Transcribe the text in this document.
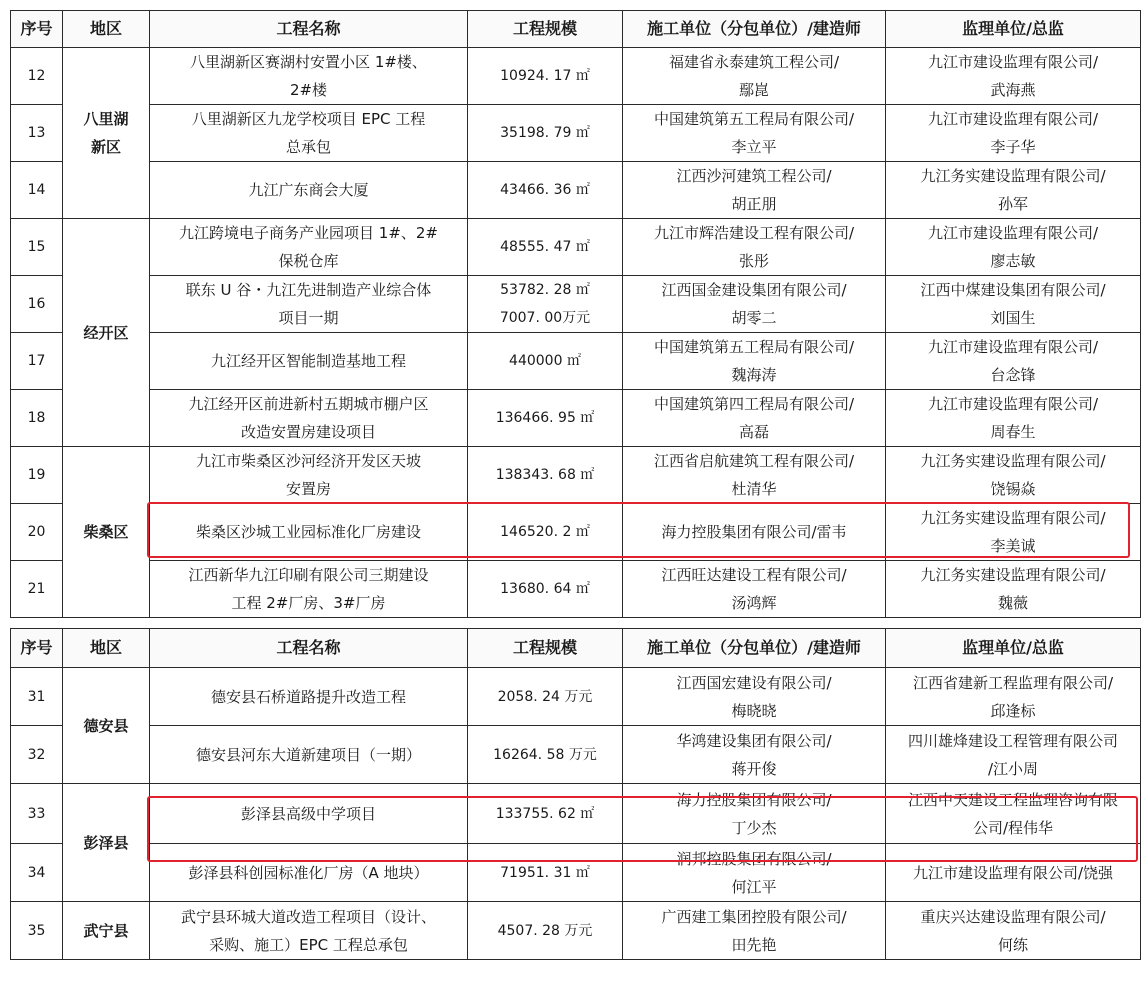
序号	地区	工程名称	工程规模	施工单位（分包单位）/建造师	监理单位/总监
12	八里湖新区	八里湖新区赛湖村安置小区 1#楼、
2#楼	10924. 17 ㎡	福建省永泰建筑工程公司/
鄢崑	九江市建设监理有限公司/
武海燕

13		八里湖新区九龙学校项目 EPC 工程
总承包	35198. 79 ㎡	中国建筑第五工程局有限公司/
李立平	九江市建设监理有限公司/
李子华

14		九江广东商会大厦	43466. 36 ㎡	江西沙河建筑工程公司/
胡正朋	九江务实建设监理有限公司/
孙军

15	经开区	九江跨境电子商务产业园项目 1#、2#
保税仓库	48555. 47 ㎡	九江市辉浩建设工程有限公司/
张彤	九江市建设监理有限公司/
廖志敏

16		联东 U 谷・九江先进制造产业综合体
项目一期	53782. 28 ㎡
7007. 00万元	江西国金建设集团有限公司/
胡零二	江西中煤建设集团有限公司/
刘国生

17		九江经开区智能制造基地工程	440000 ㎡	中国建筑第五工程局有限公司/
魏海涛	九江市建设监理有限公司/
台念锋

18		九江经开区前进新村五期城市棚户区
改造安置房建设项目	136466. 95 ㎡	中国建筑第四工程局有限公司/
高磊	九江市建设监理有限公司/
周春生

19	柴桑区	九江市柴桑区沙河经济开发区天坡
安置房	138343. 68 ㎡	江西省启航建筑工程有限公司/
杜清华	九江务实建设监理有限公司/
饶锡焱

20		柴桑区沙城工业园标准化厂房建设	146520. 2 ㎡	海力控股集团有限公司/雷韦	九江务实建设监理有限公司/
李美诚

21		江西新华九江印刷有限公司三期建设
工程 2#厂房、3#厂房	13680. 64 ㎡	江西旺达建设工程有限公司/
汤鸿辉	九江务实建设监理有限公司/
魏薇
序号	地区	工程名称	工程规模	施工单位（分包单位）/建造师	监理单位/总监
31	德安县	德安县石桥道路提升改造工程	2058. 24 万元	江西国宏建设有限公司/
梅晓晓	江西省建新工程监理有限公司/
邱逢标

32		德安县河东大道新建项目（一期）	16264. 58 万元	华鸿建设集团有限公司/
蒋开俊	四川雄烽建设工程管理有限公司
/江小周

33	彭泽县	彭泽县高级中学项目	133755. 62 ㎡	海力控股集团有限公司/
丁少杰	江西中天建设工程监理咨询有限
公司/程伟华

34		彭泽县科创园标准化厂房（A 地块）	71951. 31 ㎡	润邦控股集团有限公司/
何江平	九江市建设监理有限公司/饶强

35	武宁县	武宁县环城大道改造工程项目（设计、
采购、施工）EPC 工程总承包	4507. 28 万元	广西建工集团控股有限公司/
田先艳	重庆兴达建设监理有限公司/
何练
